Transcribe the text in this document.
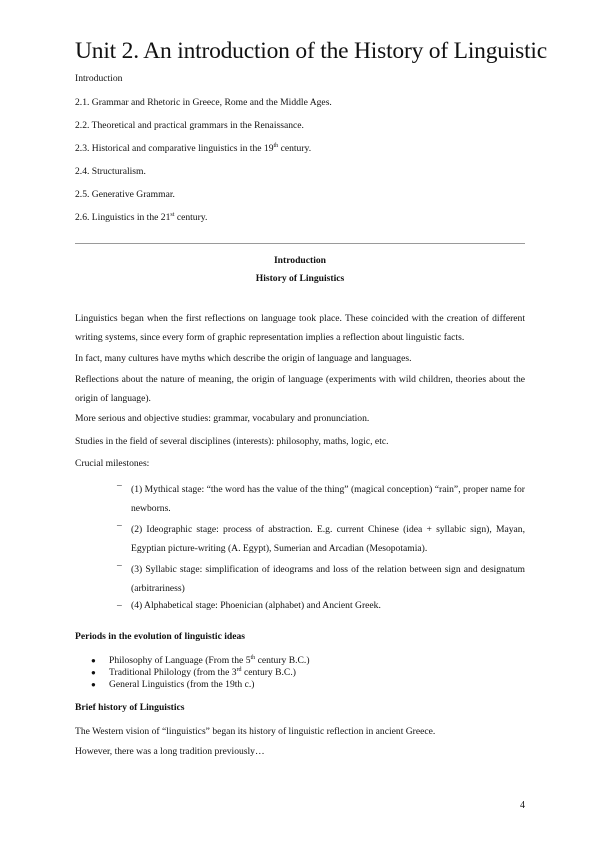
Unit 2. An introduction of the History of Linguistic
Introduction
2.1. Grammar and Rhetoric in Greece, Rome and the Middle Ages.
2.2. Theoretical and practical grammars in the Renaissance.
2.3. Historical and comparative linguistics in the 19th century.
2.4. Structuralism.
2.5. Generative Grammar.
2.6. Linguistics in the 21st century.
Introduction
History of Linguistics
Linguistics began when the first reflections on language took place. These coincided with the creation of different writing systems, since every form of graphic representation implies a reflection about linguistic facts.
In fact, many cultures have myths which describe the origin of language and languages.
Reflections about the nature of meaning, the origin of language (experiments with wild children, theories about the origin of language).
More serious and objective studies: grammar, vocabulary and pronunciation.
Studies in the field of several disciplines (interests): philosophy, maths, logic, etc.
Crucial milestones:
– (1) Mythical stage: “the word has the value of the thing” (magical conception) “rain”, proper name for newborns.
– (2) Ideographic stage: process of abstraction. E.g. current Chinese (idea + syllabic sign), Mayan, Egyptian picture-writing (A. Egypt), Sumerian and Arcadian (Mesopotamia).
– (3) Syllabic stage: simplification of ideograms and loss of the relation between sign and designatum (arbitrariness)
– (4) Alphabetical stage: Phoenician (alphabet) and Ancient Greek.
Periods in the evolution of linguistic ideas
● Philosophy of Language (From the 5th century B.C.)
● Traditional Philology (from the 3rd century B.C.)
● General Linguistics (from the 19th c.)
Brief history of Linguistics
The Western vision of “linguistics” began its history of linguistic reflection in ancient Greece.
However, there was a long tradition previously…
4
